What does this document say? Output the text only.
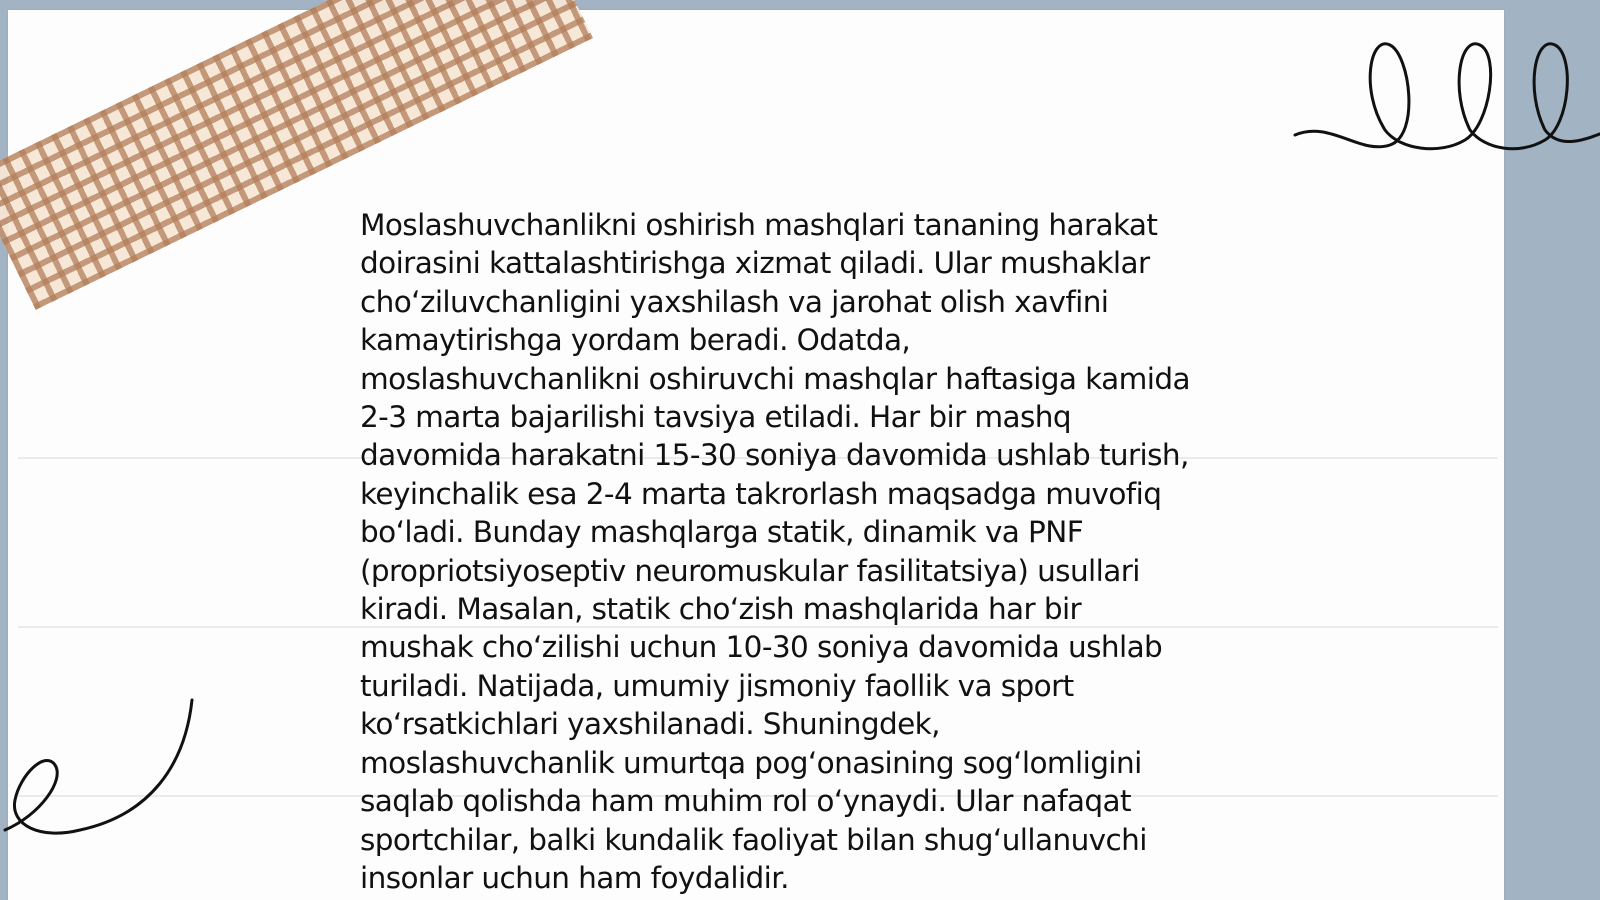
Moslashuvchanlikni oshirish mashqlari tananing harakat
doirasini kattalashtirishga xizmat qiladi. Ular mushaklar
cho‘ziluvchanligini yaxshilash va jarohat olish xavfini
kamaytirishga yordam beradi. Odatda,
moslashuvchanlikni oshiruvchi mashqlar haftasiga kamida
2-3 marta bajarilishi tavsiya etiladi. Har bir mashq
davomida harakatni 15-30 soniya davomida ushlab turish,
keyinchalik esa 2-4 marta takrorlash maqsadga muvofiq
bo‘ladi. Bunday mashqlarga statik, dinamik va PNF
(propriotsiyoseptiv neuromuskular fasilitatsiya) usullari
kiradi. Masalan, statik cho‘zish mashqlarida har bir
mushak cho‘zilishi uchun 10-30 soniya davomida ushlab
turiladi. Natijada, umumiy jismoniy faollik va sport
ko‘rsatkichlari yaxshilanadi. Shuningdek,
moslashuvchanlik umurtqa pog‘onasining sog‘lomligini
saqlab qolishda ham muhim rol o‘ynaydi. Ular nafaqat
sportchilar, balki kundalik faoliyat bilan shug‘ullanuvchi
insonlar uchun ham foydalidir.
